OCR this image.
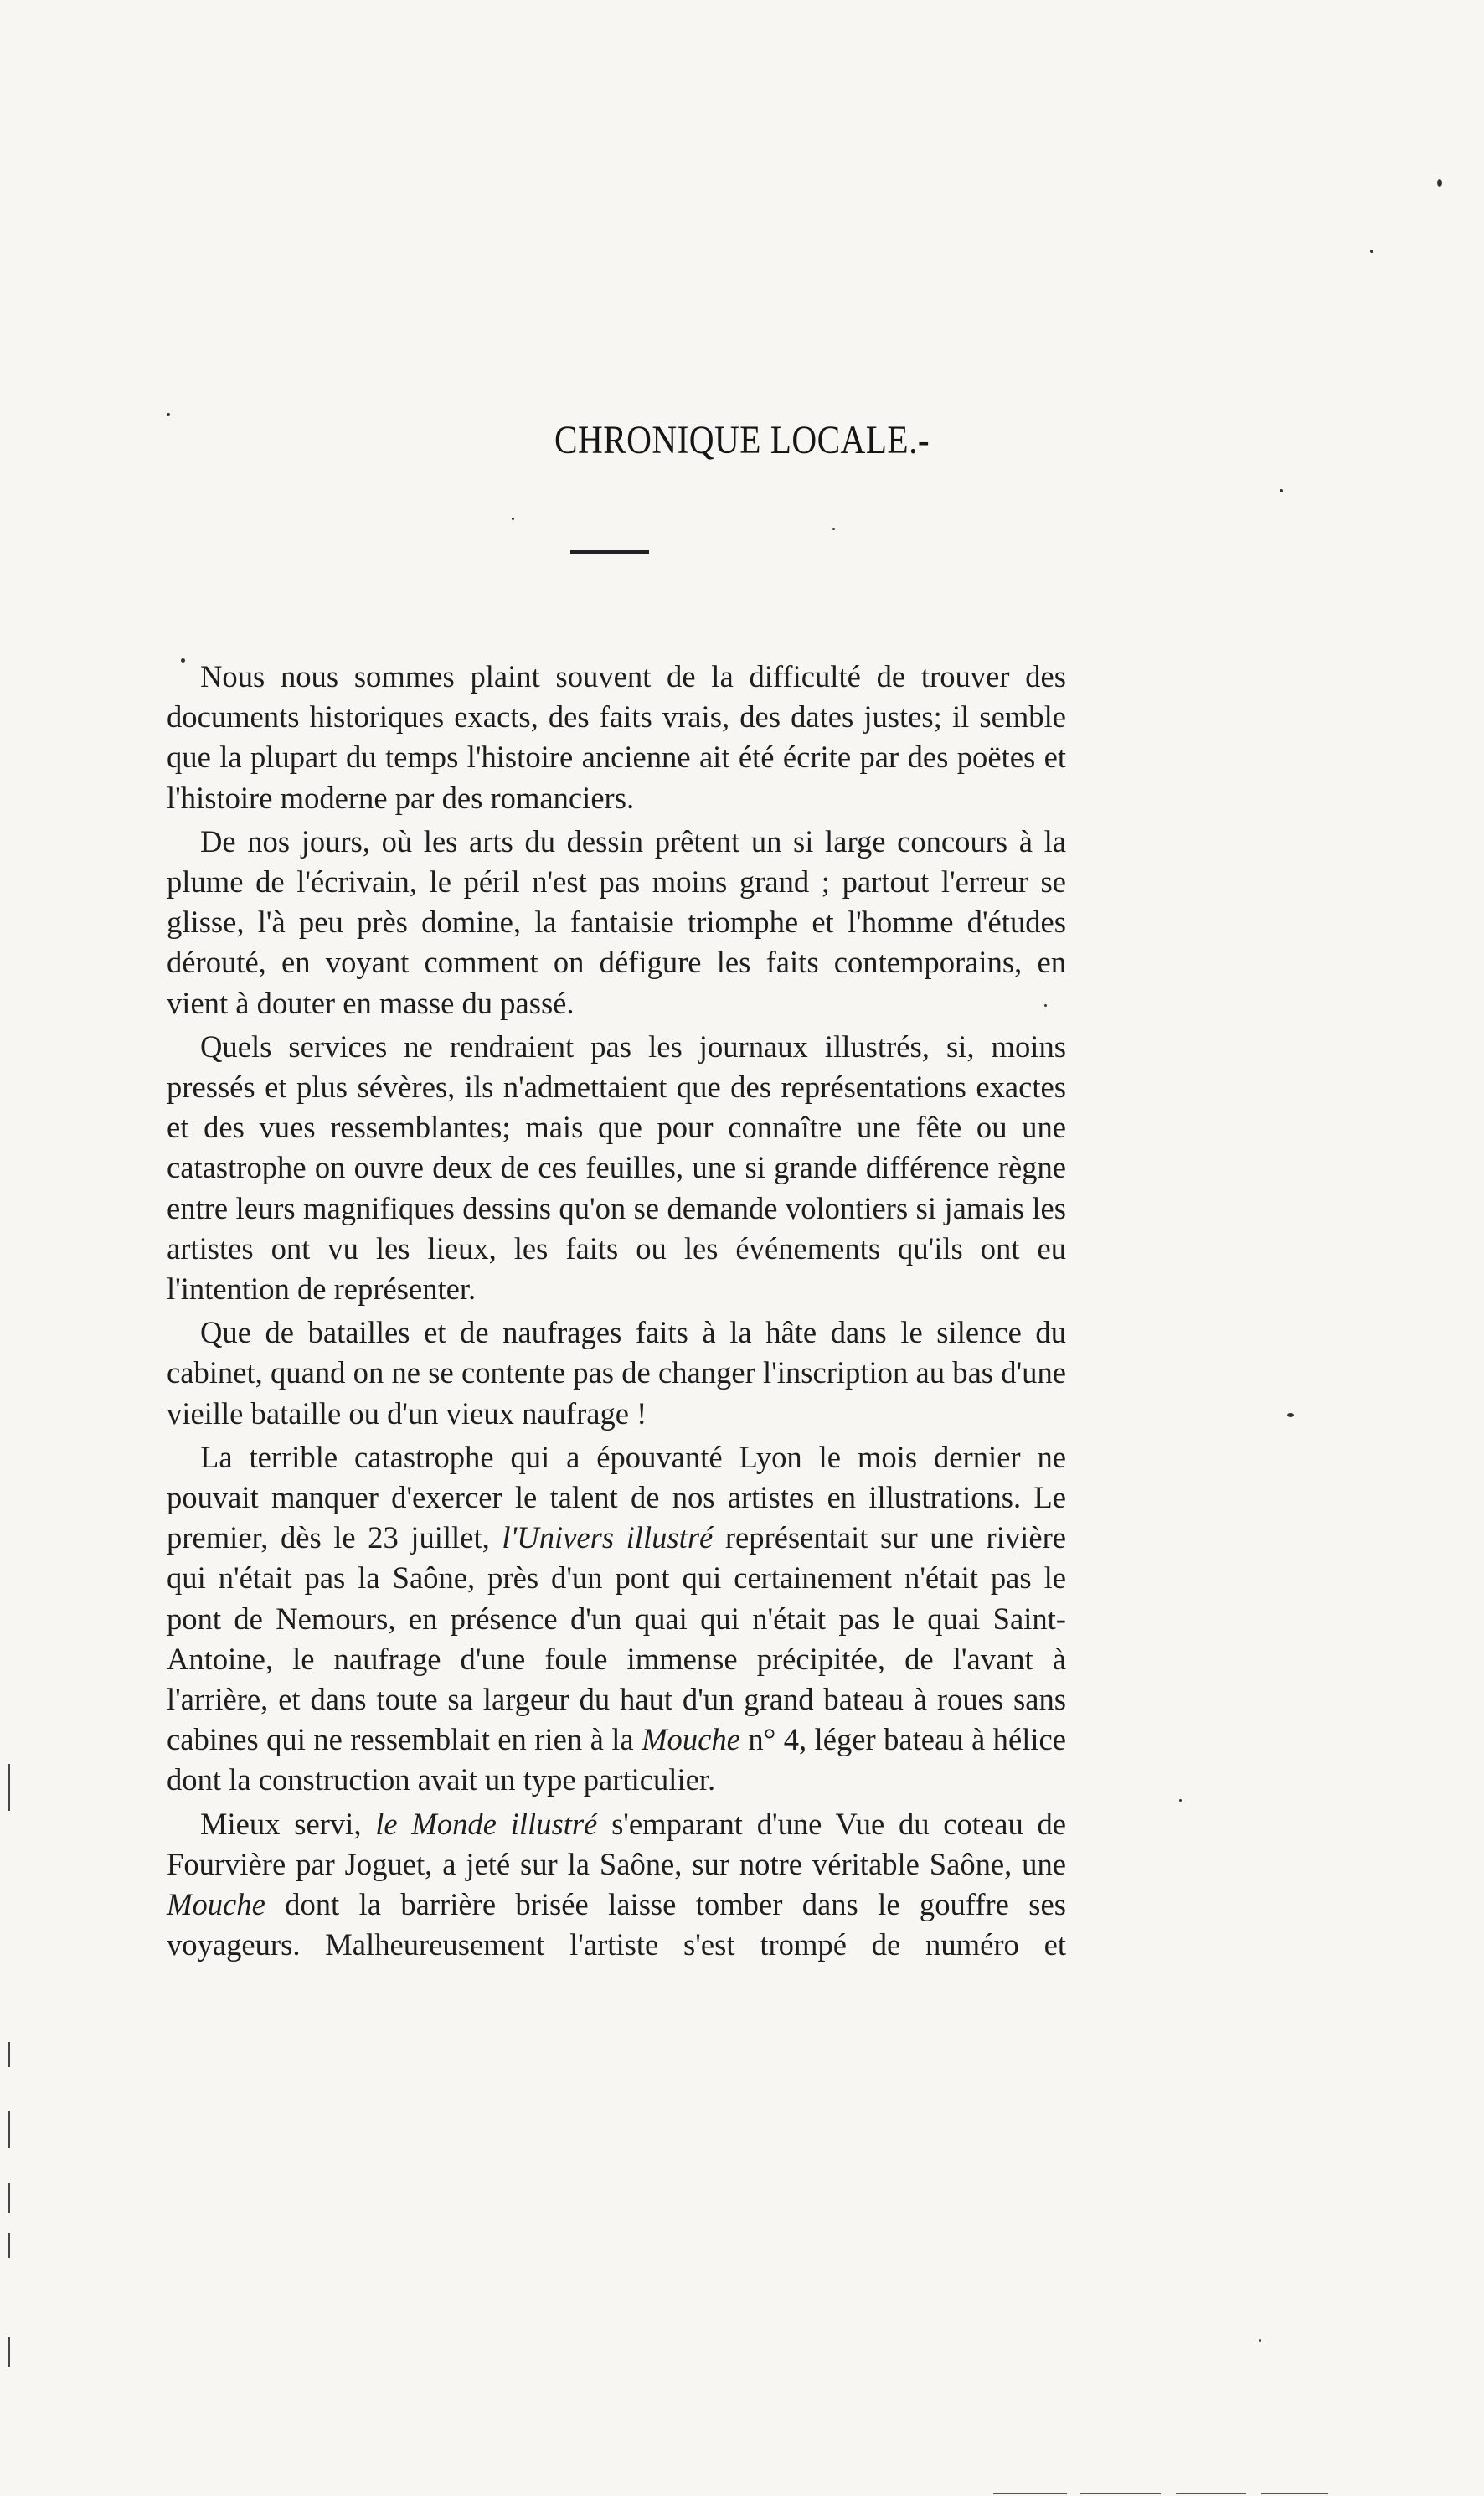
CHRONIQUE LOCALE.-

Nous nous sommes plaint souvent de la difficulté de trouver des documents historiques exacts, des faits vrais, des dates justes; il semble que la plupart du temps l'histoire ancienne ait été écrite par des poëtes et l'histoire moderne par des romanciers.

De nos jours, où les arts du dessin prêtent un si large concours à la plume de l'écrivain, le péril n'est pas moins grand ; partout l'erreur se glisse, l'à peu près domine, la fantaisie triomphe et l'homme d'études dérouté, en voyant comment on défigure les faits contemporains, en vient à douter en masse du passé.

Quels services ne rendraient pas les journaux illustrés, si, moins pressés et plus sévères, ils n'admettaient que des représentations exactes et des vues ressemblantes; mais que pour connaître une fête ou une catastrophe on ouvre deux de ces feuilles, une si grande différence règne entre leurs magnifiques dessins qu'on se demande volontiers si jamais les artistes ont vu les lieux, les faits ou les événements qu'ils ont eu l'intention de représenter.

Que de batailles et de naufrages faits à la hâte dans le silence du cabinet, quand on ne se contente pas de changer l'inscription au bas d'une vieille bataille ou d'un vieux naufrage !

La terrible catastrophe qui a épouvanté Lyon le mois dernier ne pouvait manquer d'exercer le talent de nos artistes en illustrations. Le premier, dès le 23 juillet, l'Univers illustré représentait sur une rivière qui n'était pas la Saône, près d'un pont qui certainement n'était pas le pont de Nemours, en présence d'un quai qui n'était pas le quai Saint-Antoine, le naufrage d'une foule immense précipitée, de l'avant à l'arrière, et dans toute sa largeur du haut d'un grand bateau à roues sans cabines qui ne ressemblait en rien à la Mouche n° 4, léger bateau à hélice dont la construction avait un type particulier.

Mieux servi, le Monde illustré s'emparant d'une Vue du coteau de Fourvière par Joguet, a jeté sur la Saône, sur notre véritable Saône, une Mouche dont la barrière brisée laisse tomber dans le gouffre ses voyageurs. Malheureusement l'artiste s'est trompé de numéro et
